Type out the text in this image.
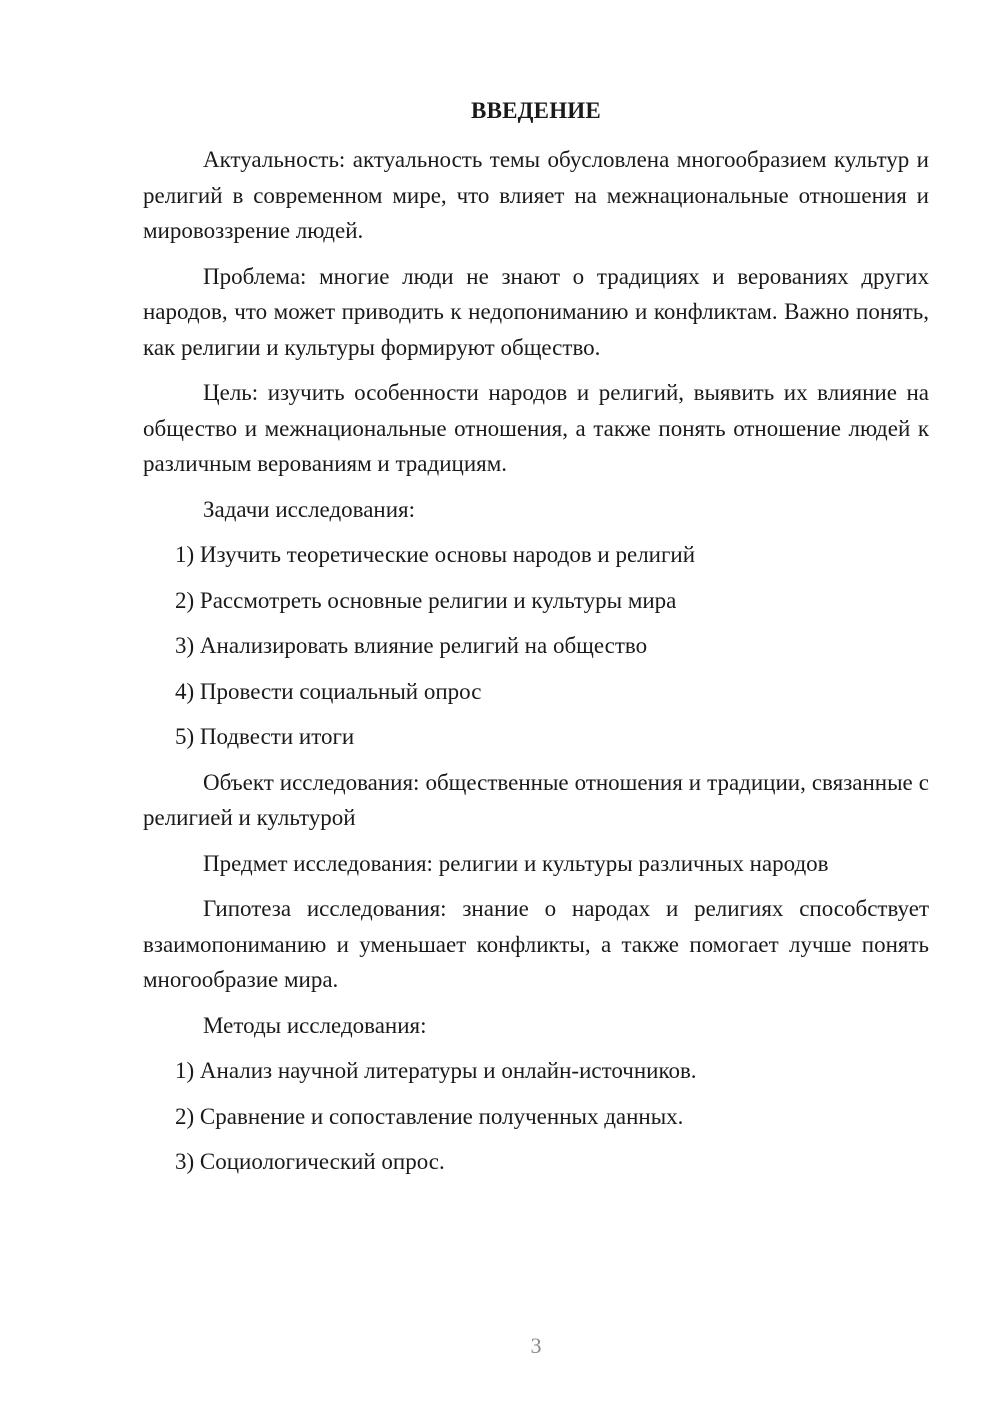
ВВЕДЕНИЕ

Актуальность: актуальность темы обусловлена многообразием культур и религий в современном мире, что влияет на межнациональные отношения и мировоззрение людей.

Проблема: многие люди не знают о традициях и верованиях других народов, что может приводить к недопониманию и конфликтам. Важно понять, как религии и культуры формируют общество.

Цель: изучить особенности народов и религий, выявить их влияние на общество и межнациональные отношения, а также понять отношение людей к различным верованиям и традициям.

Задачи исследования:

1) Изучить теоретические основы народов и религий
2) Рассмотреть основные религии и культуры мира
3) Анализировать влияние религий на общество
4) Провести социальный опрос
5) Подвести итоги

Объект исследования: общественные отношения и традиции, связанные с религией и культурой

Предмет исследования: религии и культуры различных народов

Гипотеза исследования: знание о народах и религиях способствует взаимопониманию и уменьшает конфликты, а также помогает лучше понять многообразие мира.

Методы исследования:

1) Анализ научной литературы и онлайн-источников.
2) Сравнение и сопоставление полученных данных.
3) Социологический опрос.
3
